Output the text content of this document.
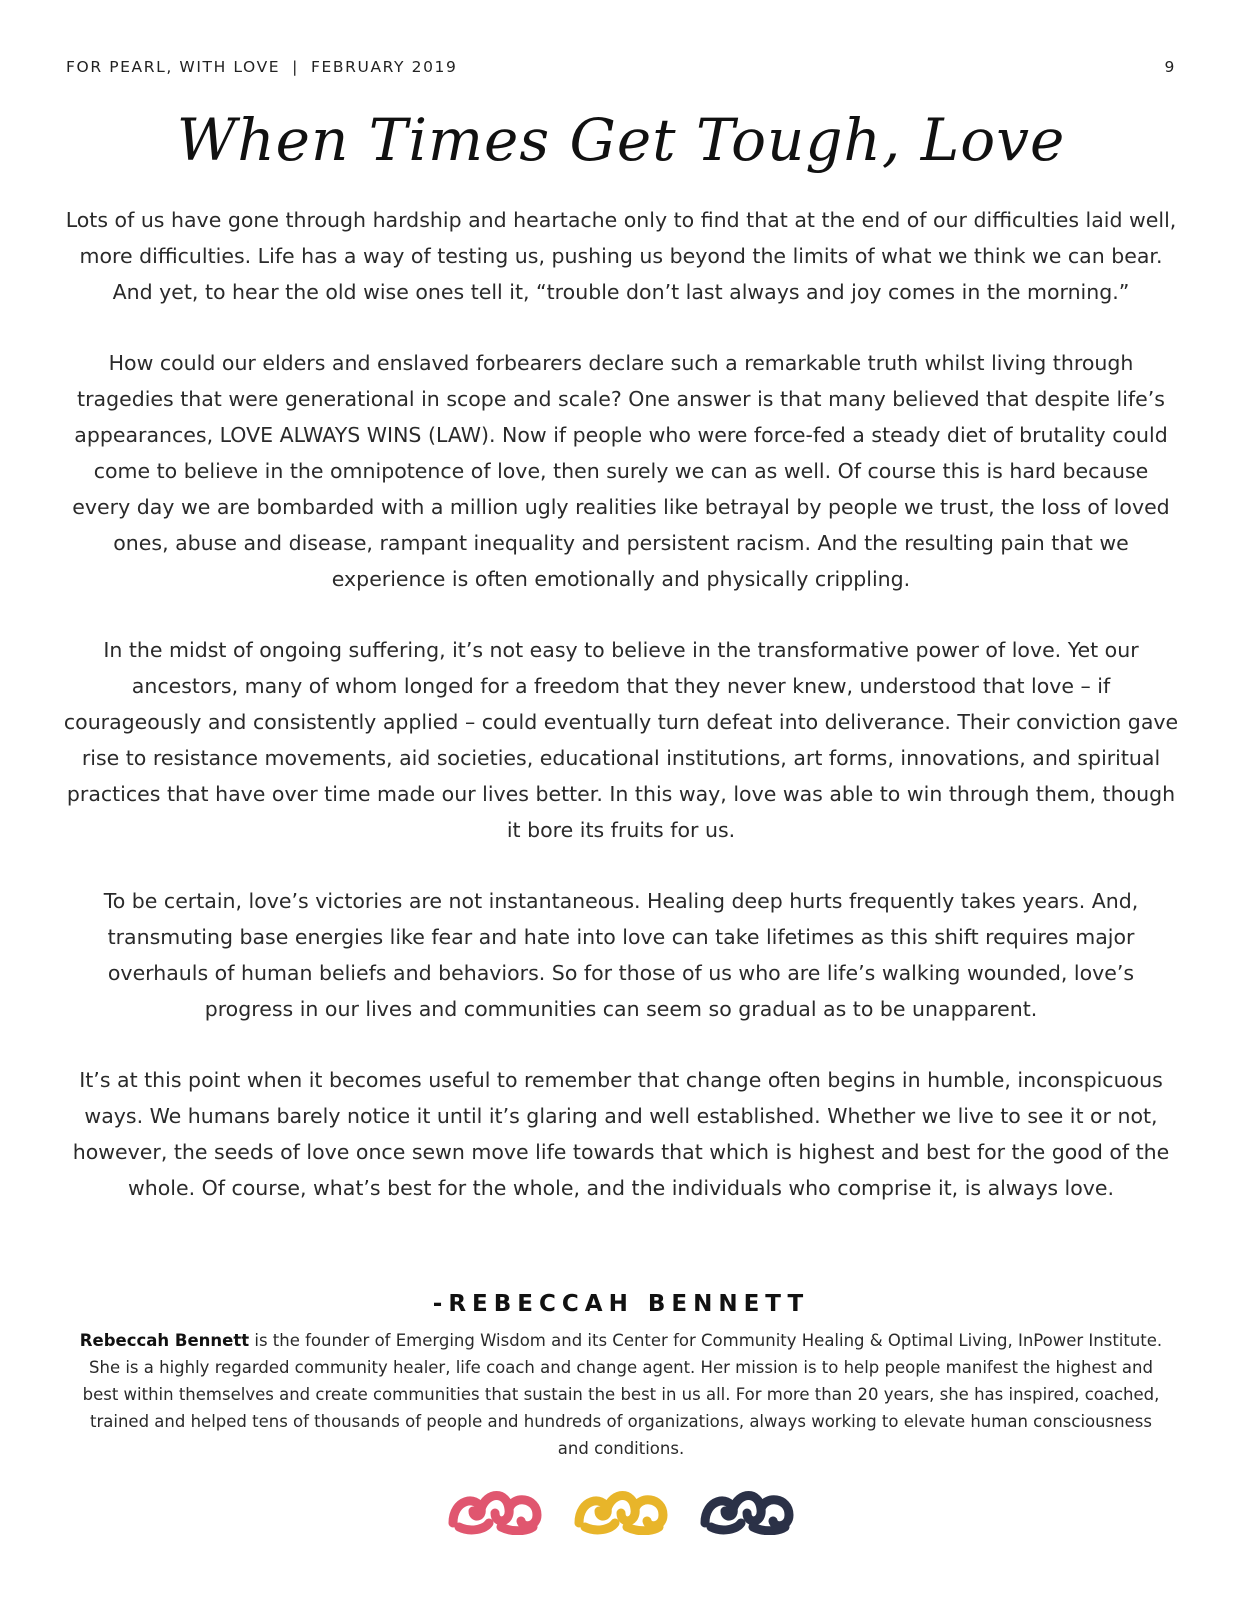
FOR PEARL, WITH LOVE | FEBRUARY 2019	9
When Times Get Tough, Love

Lots of us have gone through hardship and heartache only to find that at the end of our difficulties laid well, more difficulties. Life has a way of testing us, pushing us beyond the limits of what we think we can bear. And yet, to hear the old wise ones tell it, “trouble don’t last always and joy comes in the morning.”

How could our elders and enslaved forbearers declare such a remarkable truth whilst living through tragedies that were generational in scope and scale? One answer is that many believed that despite life’s appearances, LOVE ALWAYS WINS (LAW). Now if people who were force-fed a steady diet of brutality could come to believe in the omnipotence of love, then surely we can as well. Of course this is hard because every day we are bombarded with a million ugly realities like betrayal by people we trust, the loss of loved ones, abuse and disease, rampant inequality and persistent racism. And the resulting pain that we experience is often emotionally and physically crippling.

In the midst of ongoing suffering, it’s not easy to believe in the transformative power of love. Yet our ancestors, many of whom longed for a freedom that they never knew, understood that love – if courageously and consistently applied – could eventually turn defeat into deliverance. Their conviction gave rise to resistance movements, aid societies, educational institutions, art forms, innovations, and spiritual practices that have over time made our lives better. In this way, love was able to win through them, though it bore its fruits for us.

To be certain, love’s victories are not instantaneous. Healing deep hurts frequently takes years. And, transmuting base energies like fear and hate into love can take lifetimes as this shift requires major overhauls of human beliefs and behaviors. So for those of us who are life’s walking wounded, love’s progress in our lives and communities can seem so gradual as to be unapparent.

It’s at this point when it becomes useful to remember that change often begins in humble, inconspicuous ways. We humans barely notice it until it’s glaring and well established. Whether we live to see it or not, however, the seeds of love once sewn move life towards that which is highest and best for the good of the whole. Of course, what’s best for the whole, and the individuals who comprise it, is always love.

-REBECCAH BENNETT
Rebeccah Bennett is the founder of Emerging Wisdom and its Center for Community Healing & Optimal Living, InPower Institute. She is a highly regarded community healer, life coach and change agent. Her mission is to help people manifest the highest and best within themselves and create communities that sustain the best in us all. For more than 20 years, she has inspired, coached, trained and helped tens of thousands of people and hundreds of organizations, always working to elevate human consciousness and conditions.
